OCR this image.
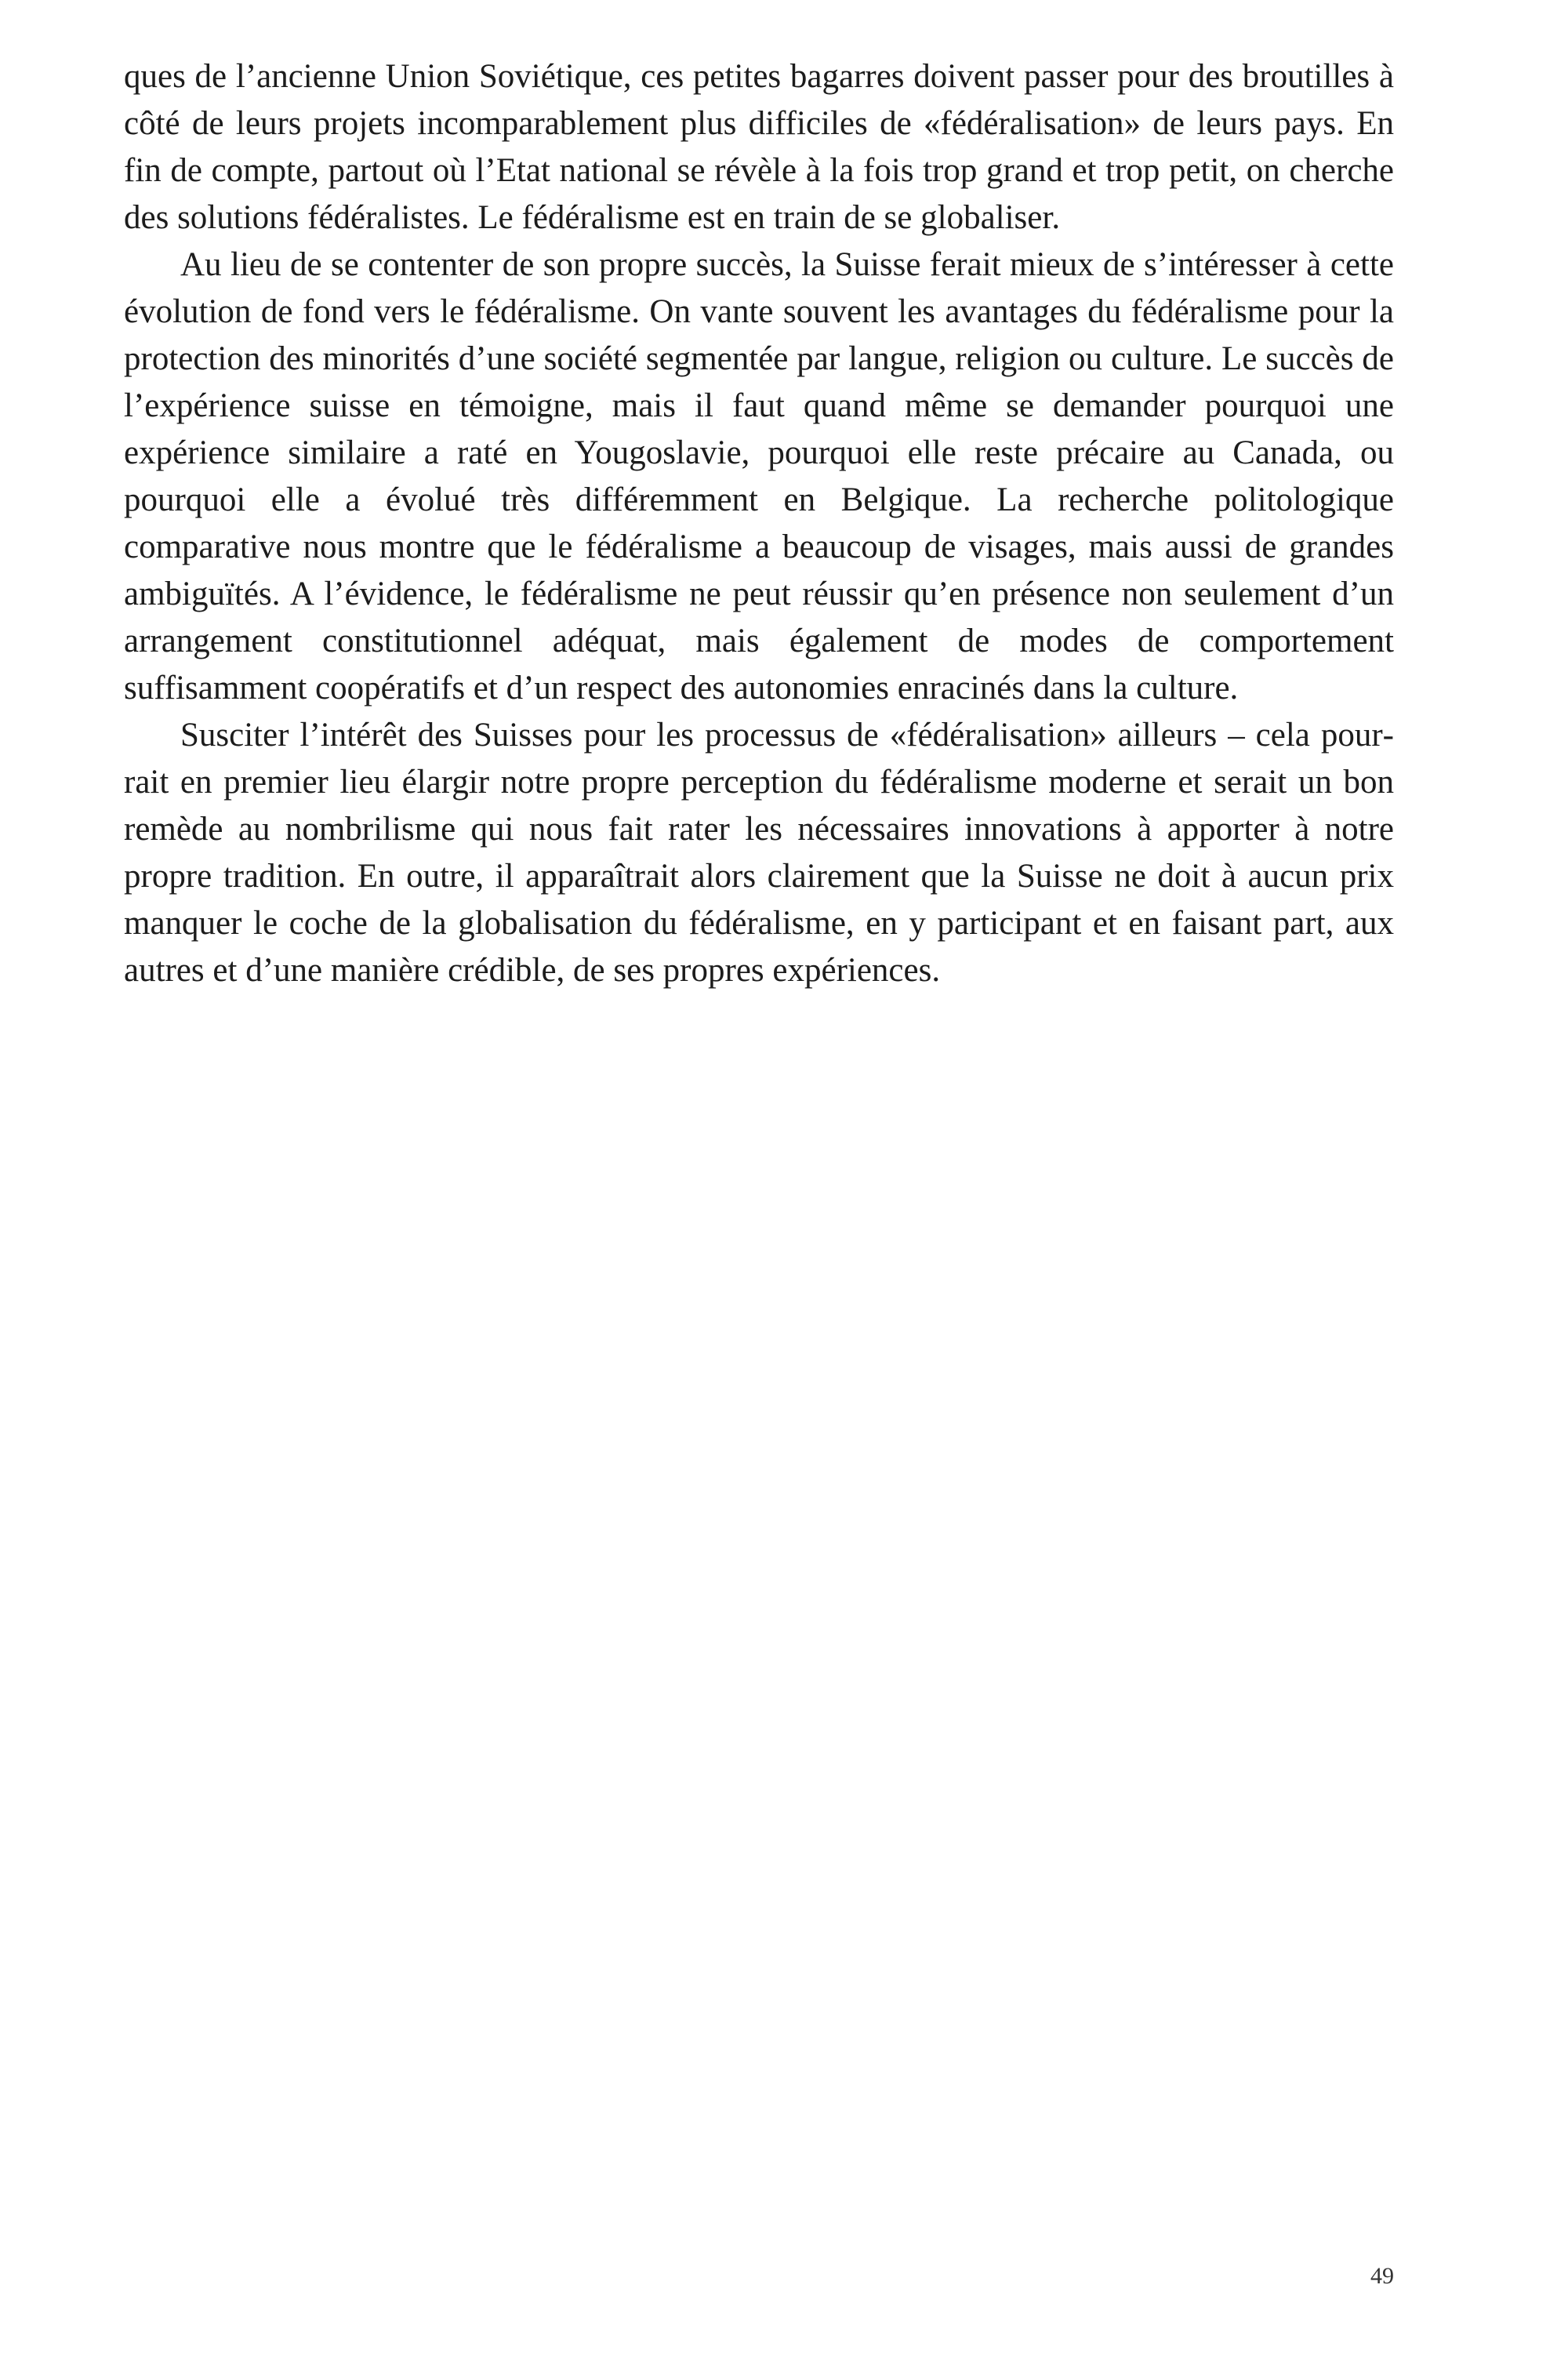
ques de l’ancienne Union Soviétique, ces petites bagarres doivent passer pour des broutilles à côté de leurs projets incomparablement plus difficiles de «fédéralisation» de leurs pays. En fin de compte, partout où l’Etat national se révèle à la fois trop grand et trop petit, on cherche des solutions fédéralistes. Le fédéralisme est en train de se globaliser.

Au lieu de se contenter de son propre succès, la Suisse ferait mieux de s’intéresser à cette évolution de fond vers le fédéralisme. On vante souvent les avantages du fédéralisme pour la protection des minorités d’une société segmentée par langue, religion ou culture. Le succès de l’expérience suisse en témoigne, mais il faut quand même se demander pourquoi une expérience similaire a raté en Yougoslavie, pourquoi elle reste précaire au Canada, ou pourquoi elle a évolué très différemment en Belgique. La recherche politologique comparative nous montre que le fédéralisme a beaucoup de visages, mais aussi de grandes ambiguïtés. A l’évidence, le fédéralisme ne peut réussir qu’en présence non seulement d’un arrangement constitutionnel adéquat, mais également de modes de comportement suffisamment coopératifs et d’un respect des autonomies enracinés dans la culture.

Susciter l’intérêt des Suisses pour les processus de «fédéralisation» ailleurs – cela pourrait en premier lieu élargir notre propre perception du fédéralisme moderne et serait un bon remède au nombrilisme qui nous fait rater les nécessaires innovations à apporter à notre propre tradition. En outre, il apparaîtrait alors clairement que la Suisse ne doit à aucun prix manquer le coche de la globalisation du fédéralisme, en y participant et en faisant part, aux autres et d’une manière crédible, de ses propres expériences.

49
